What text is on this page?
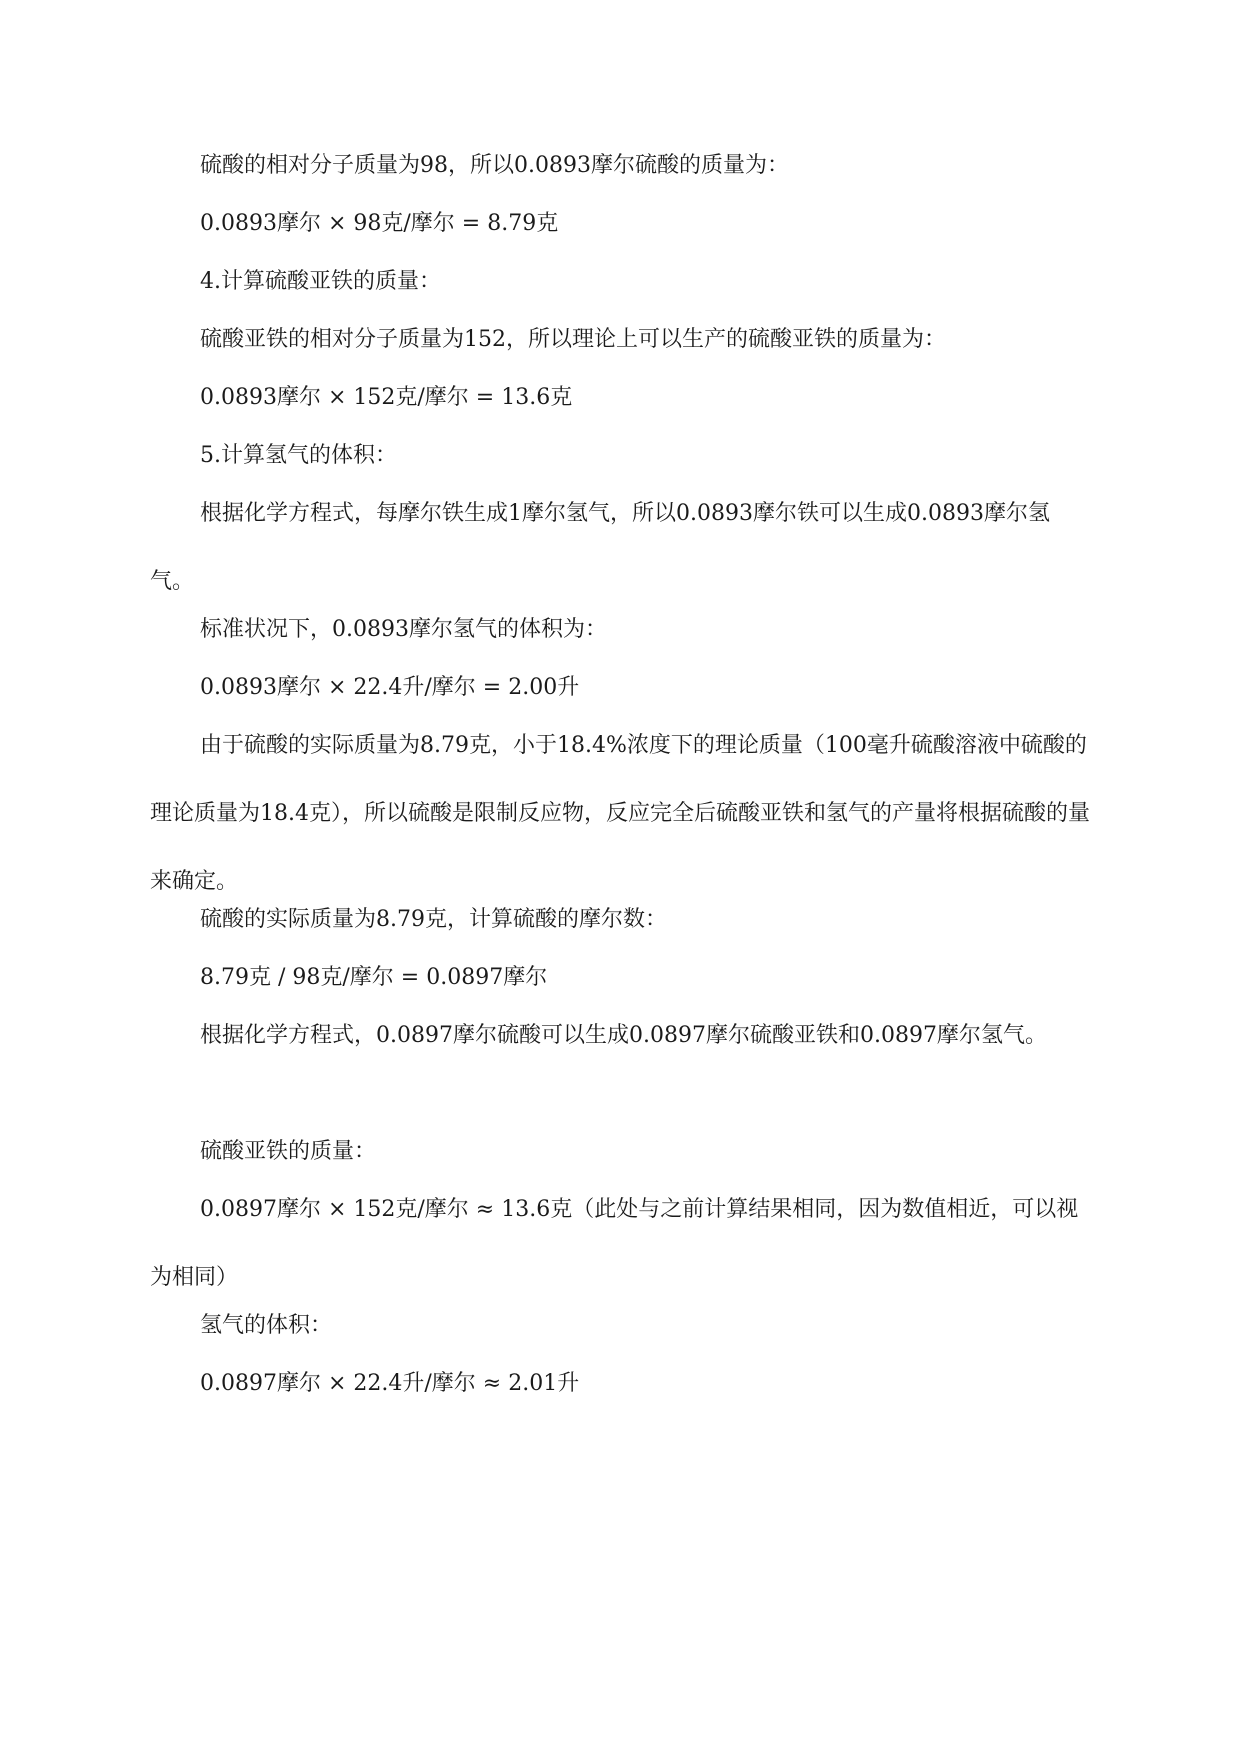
硫酸的相对分子质量为98，所以0.0893摩尔硫酸的质量为：

0.0893摩尔 × 98克/摩尔 = 8.79克

4.计算硫酸亚铁的质量：

硫酸亚铁的相对分子质量为152，所以理论上可以生产的硫酸亚铁的质量为：

0.0893摩尔 × 152克/摩尔 = 13.6克

5.计算氢气的体积：

根据化学方程式，每摩尔铁生成1摩尔氢气，所以0.0893摩尔铁可以生成0.0893摩尔氢气。

标准状况下，0.0893摩尔氢气的体积为：

0.0893摩尔 × 22.4升/摩尔 = 2.00升

由于硫酸的实际质量为8.79克，小于18.4%浓度下的理论质量（100毫升硫酸溶液中硫酸的理论质量为18.4克），所以硫酸是限制反应物，反应完全后硫酸亚铁和氢气的产量将根据硫酸的量来确定。

硫酸的实际质量为8.79克，计算硫酸的摩尔数：

8.79克 / 98克/摩尔 = 0.0897摩尔

根据化学方程式，0.0897摩尔硫酸可以生成0.0897摩尔硫酸亚铁和0.0897摩尔氢气。

硫酸亚铁的质量：

0.0897摩尔 × 152克/摩尔 ≈ 13.6克（此处与之前计算结果相同，因为数值相近，可以视为相同）

氢气的体积：

0.0897摩尔 × 22.4升/摩尔 ≈ 2.01升
